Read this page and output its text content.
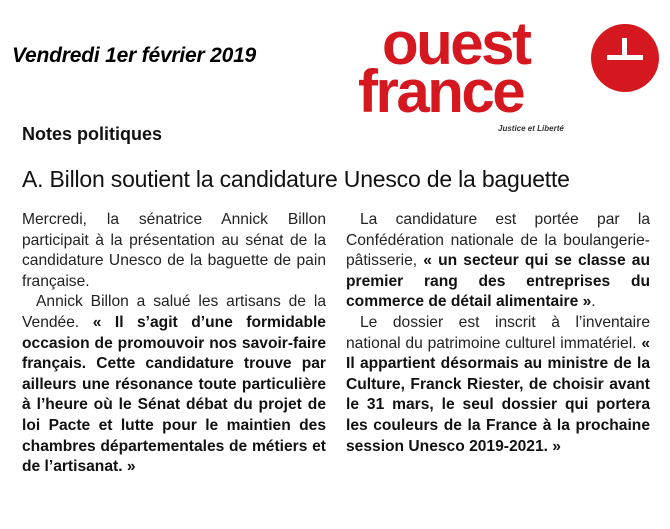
Vendredi 1er février 2019 ouest
france
Justice et Liberté
Notes politiques
A. Billon soutient la candidature Unesco de la baguette

Mercredi, la sénatrice Annick Billon participait à la présentation au sénat de la candidature Unesco de la baguette de pain française.

Annick Billon a salué les artisans de la Vendée. « Il s’agit d’une formidable occasion de promouvoir nos savoir-faire français. Cette candidature trouve par ailleurs une résonance toute particulière à l’heure où le Sénat débat du projet de loi Pacte et lutte pour le maintien des chambres départementales de métiers et de l’artisanat. »

La candidature est portée par la Confédération nationale de la boulangerie-pâtisserie, « un secteur qui se classe au premier rang des entreprises du commerce de détail alimentaire ».

Le dossier est inscrit à l’inventaire national du patrimoine culturel immatériel. « Il appartient désormais au ministre de la Culture, Franck Riester, de choisir avant le 31 mars, le seul dossier qui portera les couleurs de la France à la prochaine session Unesco 2019-2021. »
